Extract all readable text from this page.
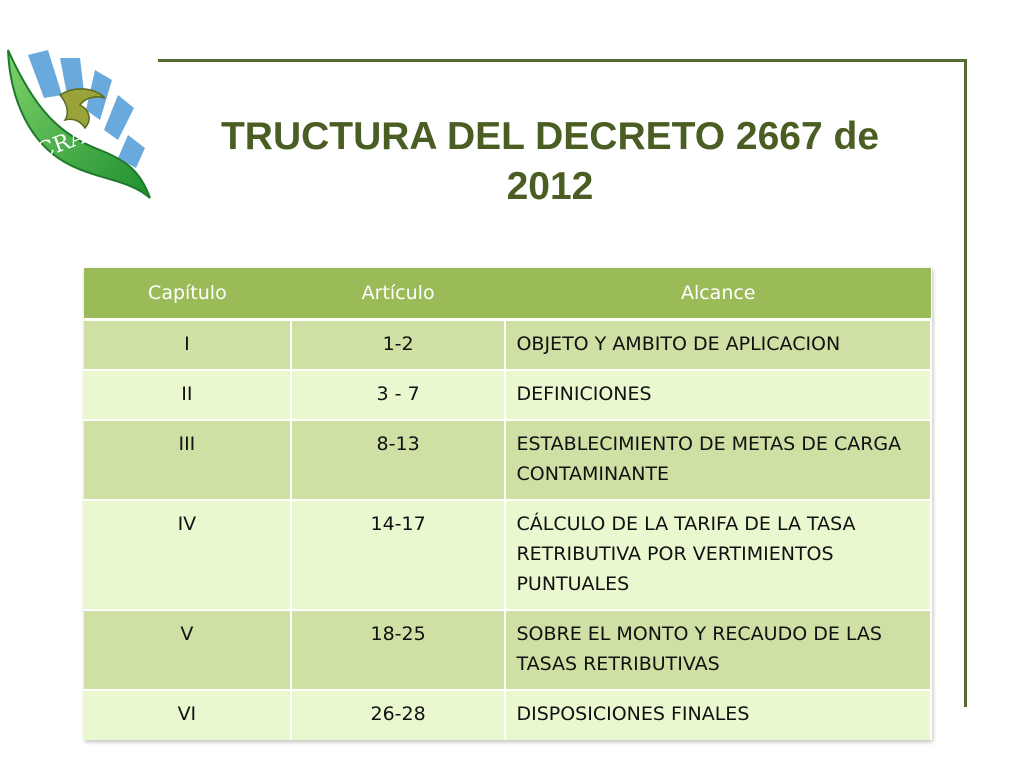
CRA	TRUCTURA DEL DECRETO 2667 de
2012
Capítulo	Artículo	Alcance
I	1-2	OBJETO Y AMBITO DE APLICACION
II	3 - 7	DEFINICIONES
III	8-13	ESTABLECIMIENTO DE METAS DE CARGA CONTAMINANTE
IV	14-17	CÁLCULO DE LA TARIFA DE LA TASA RETRIBUTIVA POR VERTIMIENTOS PUNTUALES
V	18-25	SOBRE EL MONTO Y RECAUDO DE LAS TASAS RETRIBUTIVAS
VI	26-28	DISPOSICIONES FINALES
